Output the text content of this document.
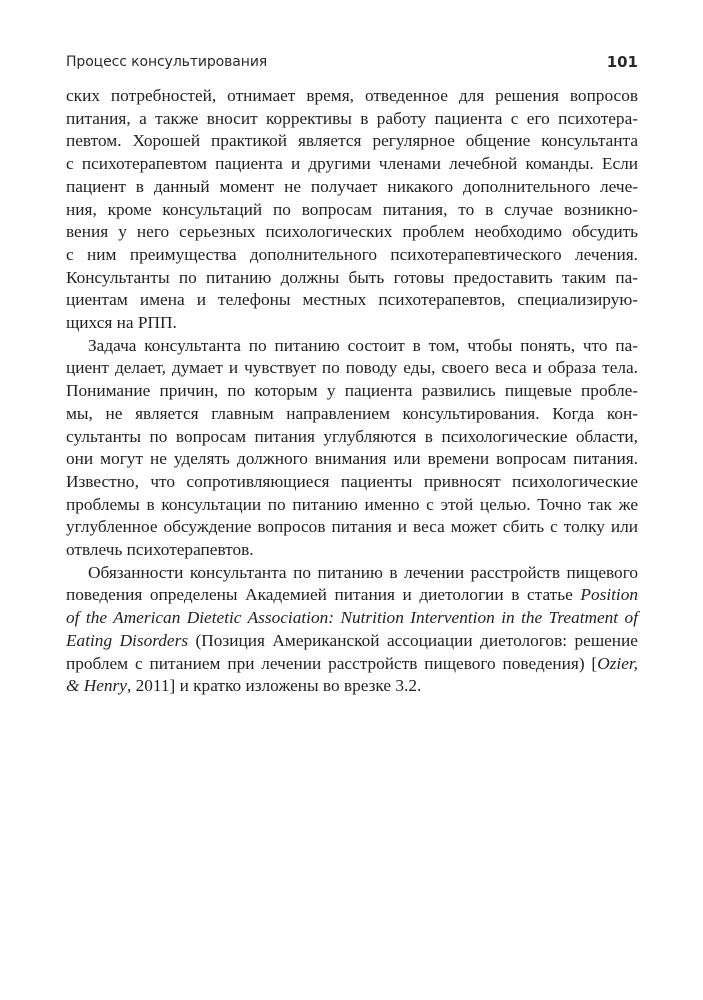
Процесс консультирования	101

ских потребностей, отнимает время, отведенное для решения вопросов
питания, а также вносит коррективы в работу пациента с его психотера-
певтом. Хорошей практикой является регулярное общение консультанта
с психотерапевтом пациента и другими членами лечебной команды. Если
пациент в данный момент не получает никакого дополнительного лече-
ния, кроме консультаций по вопросам питания, то в случае возникно-
вения у него серьезных психологических проблем необходимо обсудить
с ним преимущества дополнительного психотерапевтического лечения.
Консультанты по питанию должны быть готовы предоставить таким па-
циентам имена и телефоны местных психотерапевтов, специализирую-
щихся на РПП.

Задача консультанта по питанию состоит в том, чтобы понять, что па-
циент делает, думает и чувствует по поводу еды, своего веса и образа тела.
Понимание причин, по которым у пациента развились пищевые пробле-
мы, не является главным направлением консультирования. Когда кон-
сультанты по вопросам питания углубляются в психологические области,
они могут не уделять должного внимания или времени вопросам питания.
Известно, что сопротивляющиеся пациенты привносят психологические
проблемы в консультации по питанию именно с этой целью. Точно так же
углубленное обсуждение вопросов питания и веса может сбить с толку или
отвлечь психотерапевтов.

Обязанности консультанта по питанию в лечении расстройств пищевого
поведения определены Академией питания и диетологии в статье Position
of the American Dietetic Association: Nutrition Intervention in the Treatment of
Eating Disorders (Позиция Американской ассоциации диетологов: решение
проблем с питанием при лечении расстройств пищевого поведения) [Ozier,
& Henry, 2011] и кратко изложены во врезке 3.2.
